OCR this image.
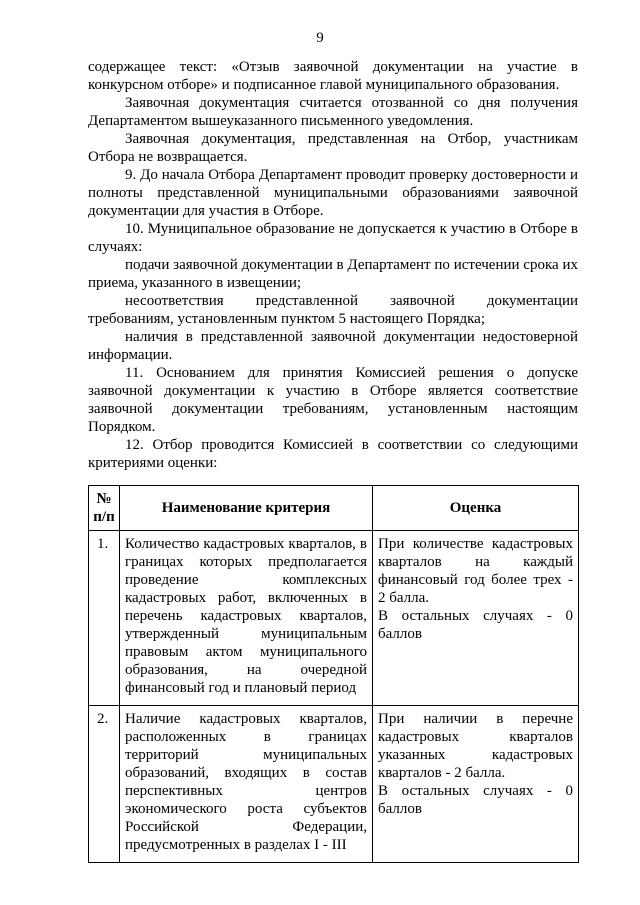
9

содержащее текст: «Отзыв заявочной документации на участие в конкурсном отборе» и подписанное главой муниципального образования.

Заявочная документация считается отозванной со дня получения Департаментом вышеуказанного письменного уведомления.

Заявочная документация, представленная на Отбор, участникам Отбора не возвращается.

9. До начала Отбора Департамент проводит проверку достоверности и полноты представленной муниципальными образованиями заявочной документации для участия в Отборе.

10. Муниципальное образование не допускается к участию в Отборе в случаях:

подачи заявочной документации в Департамент по истечении срока их приема, указанного в извещении;

несоответствия представленной заявочной документации требованиям, установленным пунктом 5 настоящего Порядка;

наличия в представленной заявочной документации недостоверной информации.

11. Основанием для принятия Комиссией решения о допуске заявочной документации к участию в Отборе является соответствие заявочной документации требованиям, установленным настоящим Порядком.

12. Отбор проводится Комиссией в соответствии со следующими критериями оценки:

№ п/п	Наименование критерия	Оценка
1.	Количество кадастровых кварталов, в границах которых предполагается проведение комплексных кадастровых работ, включенных в перечень кадастровых кварталов, утвержденный муниципальным правовым актом муниципального образования, на очередной финансовый год и плановый период	При количестве кадастровых кварталов на каждый финансовый год более трех - 2 балла.

В остальных случаях - 0 баллов

2.	Наличие кадастровых кварталов, расположенных в границах территорий муниципальных образований, входящих в состав перспективных центров экономического роста субъектов Российской Федерации, предусмотренных в разделах I - III	При наличии в перечне кадастровых кварталов указанных кадастровых кварталов - 2 балла.

В остальных случаях - 0 баллов
